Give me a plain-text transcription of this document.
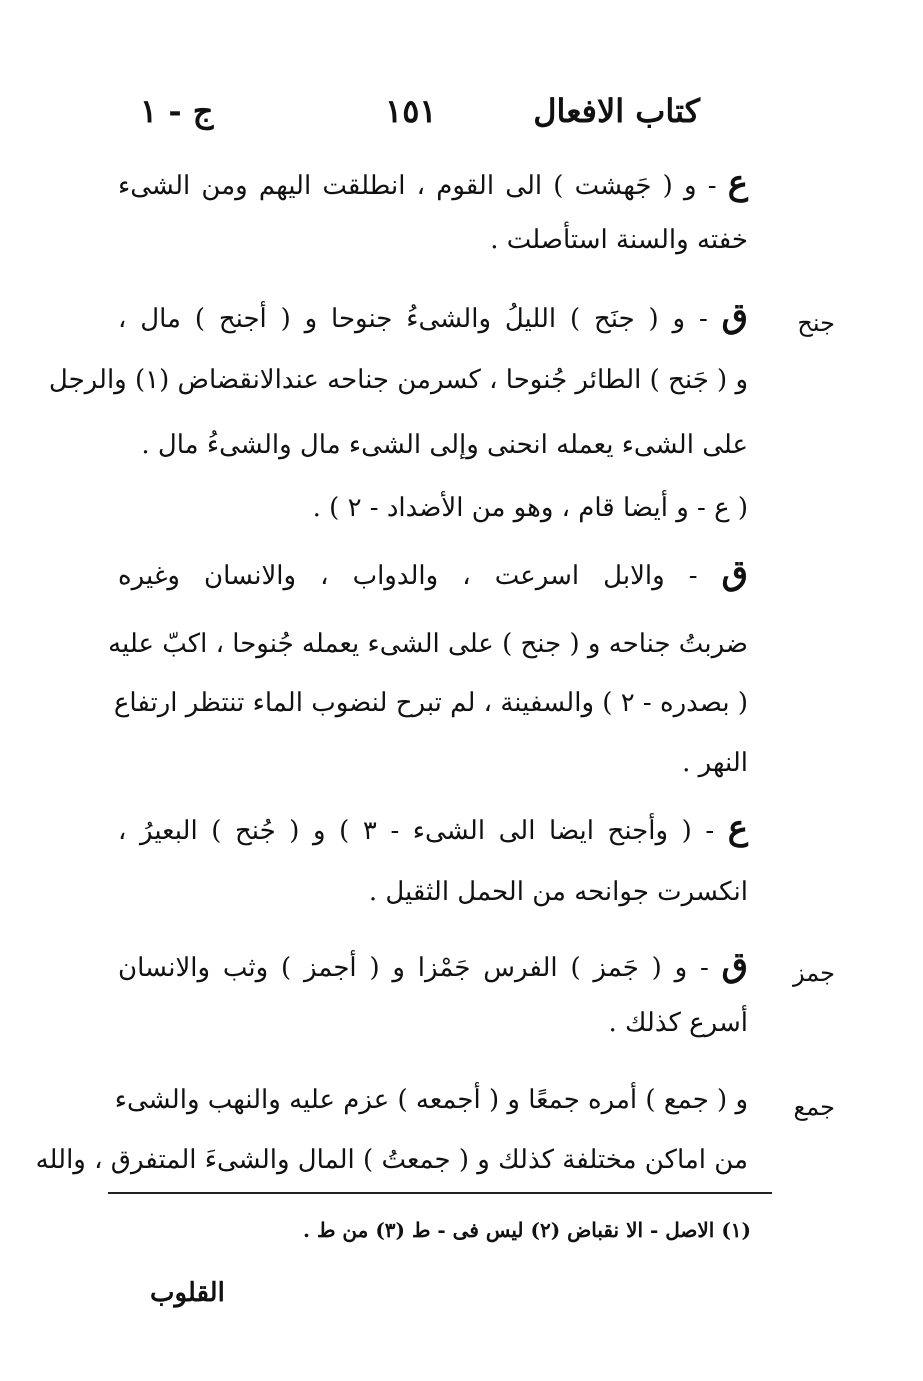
كتاب الافعال
١٥١
ج - ١
جنح
جمز
جمع
ع - و ( جَهشت ) الى القوم ، انطلقت اليهم ومن الشىء
خفته والسنة استأصلت .
ق - و ( جنَح ) الليلُ والشىءُ جنوحا و ( أجنح ) مال ،
و ( جَنح ) الطائر جُنوحا ، كسرمن جناحه عندالانقضاض (١) والرجل
على الشىء يعمله انحنى وإلى الشىء مال والشىءُ مال .
( ع - و أيضا قام ، وهو من الأضداد - ٢ ) .
ق - والابل اسرعت ، والدواب ، والانسان وغيره
ضربتُ جناحه و ( جنح ) على الشىء يعمله جُنوحا ، اكبّ عليه
( بصدره - ٢ ) والسفينة ، لم تبرح لنضوب الماء تنتظر ارتفاع
النهر .
ع - ( وأجنح ايضا الى الشىء - ٣ ) و ( جُنح ) البعيرُ ،
انكسرت جوانحه من الحمل الثقيل .
ق - و ( جَمز ) الفرس جَمْزا و ( أجمز ) وثب والانسان
أسرع كذلك .
و ( جمع ) أمره جمعًا و ( أجمعه ) عزم عليه والنهب والشىء
من اماكن مختلفة كذلك و ( جمعتُ ) المال والشىءَ المتفرق ، والله
(١) الاصل - الا نقباض (٢) ليس فى - ط (٣) من ط .
القلوب
